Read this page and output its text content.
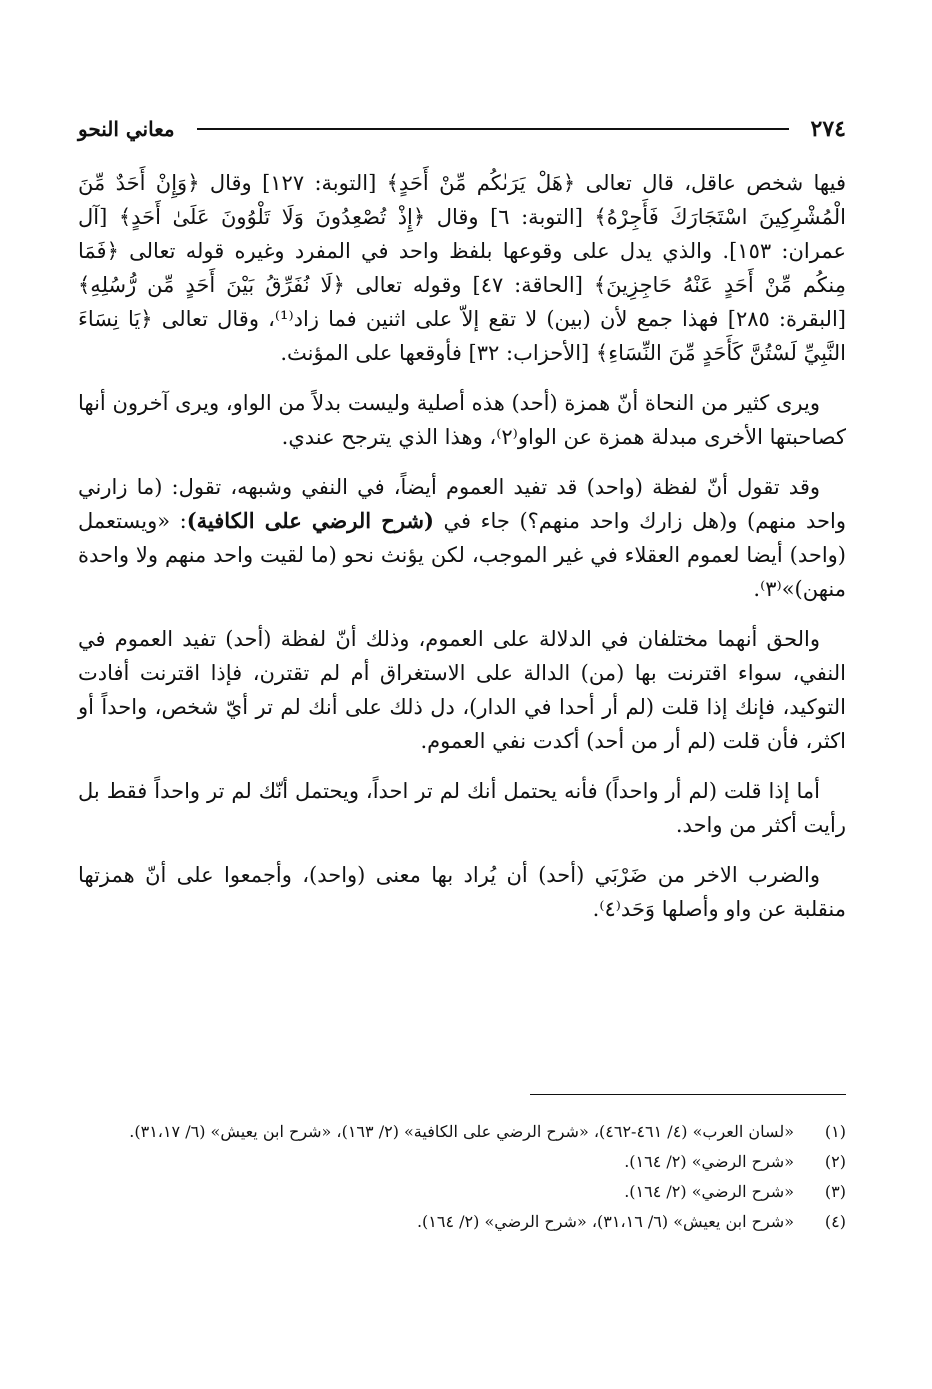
٢٧٤
معاني النحو

فيها شخص عاقل، قال تعالى ﴿هَلْ يَرَىٰكُم مِّنْ أَحَدٍ﴾ [التوبة: ١٢٧] وقال ﴿وَإِنْ أَحَدٌ مِّنَ الْمُشْرِكِينَ اسْتَجَارَكَ فَأَجِرْهُ﴾ [التوبة: ٦] وقال ﴿إِذْ تُصْعِدُونَ وَلَا تَلْوُونَ عَلَىٰ أَحَدٍ﴾ [آل عمران: ١٥٣]. والذي يدل على وقوعها بلفظ واحد في المفرد وغيره قوله تعالى ﴿فَمَا مِنكُم مِّنْ أَحَدٍ عَنْهُ حَاجِزِينَ﴾ [الحاقة: ٤٧] وقوله تعالى ﴿لَا نُفَرِّقُ بَيْنَ أَحَدٍ مِّن رُّسُلِهِ﴾ [البقرة: ٢٨٥] فهذا جمع لأن (بين) لا تقع إلاّ على اثنين فما زاد⁽¹⁾، وقال تعالى ﴿يَا نِسَاءَ النَّبِيِّ لَسْتُنَّ كَأَحَدٍ مِّنَ النِّسَاءِ﴾ [الأحزاب: ٣٢] فأوقعها على المؤنث.

ويرى كثير من النحاة أنّ همزة (أحد) هذه أصلية وليست بدلاً من الواو، ويرى آخرون أنها كصاحبتها الأخرى مبدلة همزة عن الواو⁽٢⁾، وهذا الذي يترجح عندي.

وقد تقول أنّ لفظة (واحد) قد تفيد العموم أيضاً، في النفي وشبهه، تقول: (ما زارني واحد منهم) و(هل زارك واحد منهم؟) جاء في (شرح الرضي على الكافية): «ويستعمل (واحد) أيضا لعموم العقلاء في غير الموجب، لكن يؤنث نحو (ما لقيت واحد منهم ولا واحدة منهن)»⁽٣⁾.

والحق أنهما مختلفان في الدلالة على العموم، وذلك أنّ لفظة (أحد) تفيد العموم في النفي، سواء اقترنت بها (من) الدالة على الاستغراق أم لم تقترن، فإذا اقترنت أفادت التوكيد، فإنك إذا قلت (لم أر أحدا في الدار)، دل ذلك على أنك لم تر أيّ شخص، واحداً أو اكثر، فأن قلت (لم أر من أحد) أكدت نفي العموم.

أما إذا قلت (لم أر واحداً) فأنه يحتمل أنك لم تر احداً، ويحتمل أنّك لم تر واحداً فقط بل رأيت أكثر من واحد.

والضرب الاخر من ضَرْبَي (أحد) أن يُراد بها معنى (واحد)، وأجمعوا على أنّ همزتها منقلبة عن واو وأصلها وَحَد⁽٤⁾.

(١)
«لسان العرب» (٤/ ٤٦١-٤٦٢)، «شرح الرضي على الكافية» (٢/ ١٦٣)، «شرح ابن يعيش» (٦/ ٣١،١٧).
(٢)
«شرح الرضي» (٢/ ١٦٤).
(٣)
«شرح الرضي» (٢/ ١٦٤).
(٤)
«شرح ابن يعيش» (٦/ ٣١،١٦)، «شرح الرضي» (٢/ ١٦٤).
